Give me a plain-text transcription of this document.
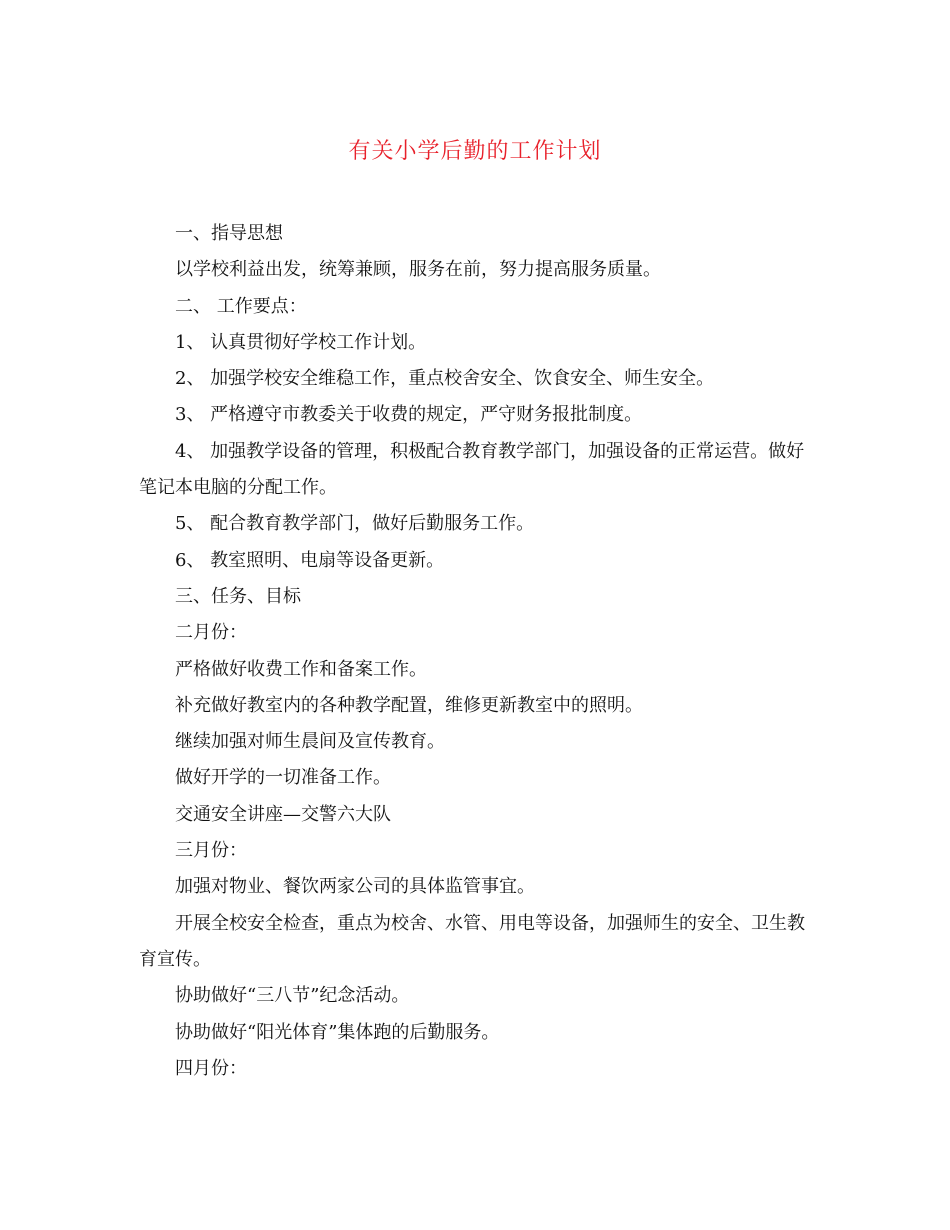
有关小学后勤的工作计划

一、指导思想

以学校利益出发，统筹兼顾，服务在前，努力提高服务质量。

二、 工作要点：

1、 认真贯彻好学校工作计划。

2、 加强学校安全维稳工作，重点校舍安全、饮食安全、师生安全。

3、 严格遵守市教委关于收费的规定，严守财务报批制度。

4、 加强教学设备的管理，积极配合教育教学部门，加强设备的正常运营。做好笔记本电脑的分配工作。

5、 配合教育教学部门，做好后勤服务工作。

6、 教室照明、电扇等设备更新。

三、任务、目标

二月份：

严格做好收费工作和备案工作。

补充做好教室内的各种教学配置，维修更新教室中的照明。

继续加强对师生晨间及宣传教育。

做好开学的一切准备工作。

交通安全讲座—交警六大队

三月份：

加强对物业、餐饮两家公司的具体监管事宜。

开展全校安全检查，重点为校舍、水管、用电等设备，加强师生的安全、卫生教育宣传。

协助做好“三八节”纪念活动。

协助做好“阳光体育”集体跑的后勤服务。

四月份：
